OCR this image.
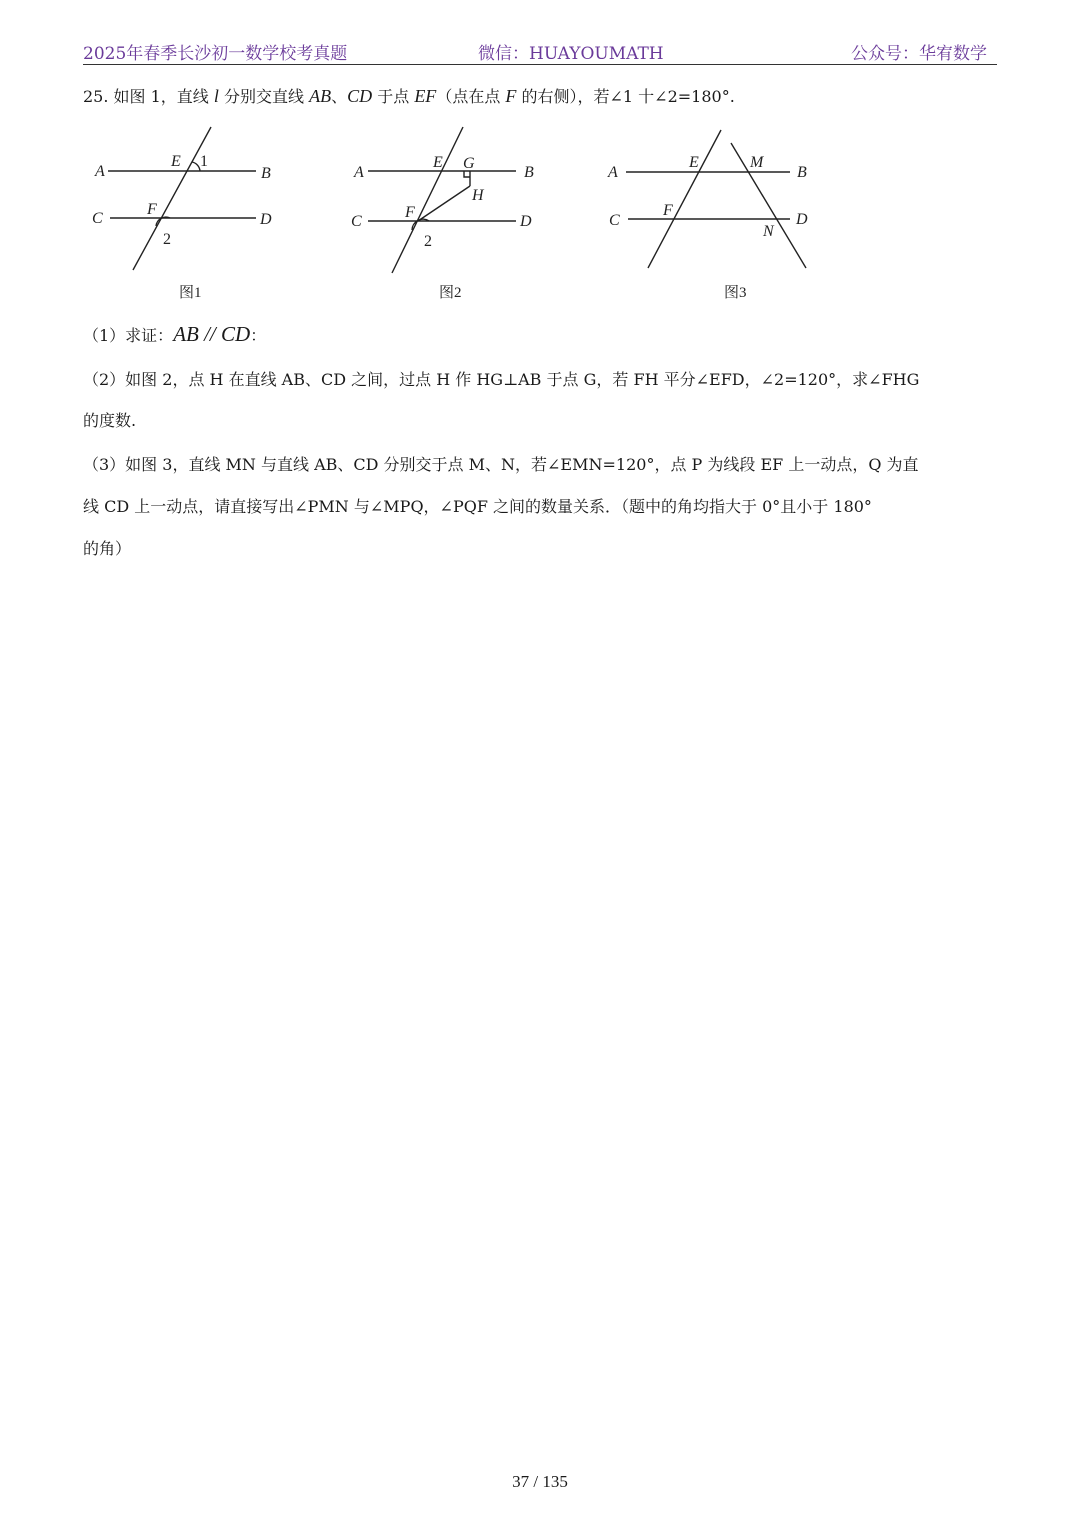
2025年春季长沙初一数学校考真题	微信：HUAYOUMATH	公众号：华宥数学
25. 如图 1，直线 l 分别交直线 AB、CD 于点 EF（点在点 F 的右侧），若∠1 十∠2=180°.
A	B
C	D
E
F
1
2
A	B
C	D
E G
H
F
2
A	B
C	D
E	M
F
N
图1	图2	图3
（1）求证：AB // CD：
（2）如图 2，点 H 在直线 AB、CD 之间，过点 H 作 HG⊥AB 于点 G，若 FH 平分∠EFD，∠2=120°，求∠FHG
的度数.
（3）如图 3，直线 MN 与直线 AB、CD 分别交于点 M、N，若∠EMN=120°，点 P 为线段 EF 上一动点，Q 为直
线 CD 上一动点，请直接写出∠PMN 与∠MPQ，∠PQF 之间的数量关系．（题中的角均指大于 0°且小于 180°
的角）
37 / 135
